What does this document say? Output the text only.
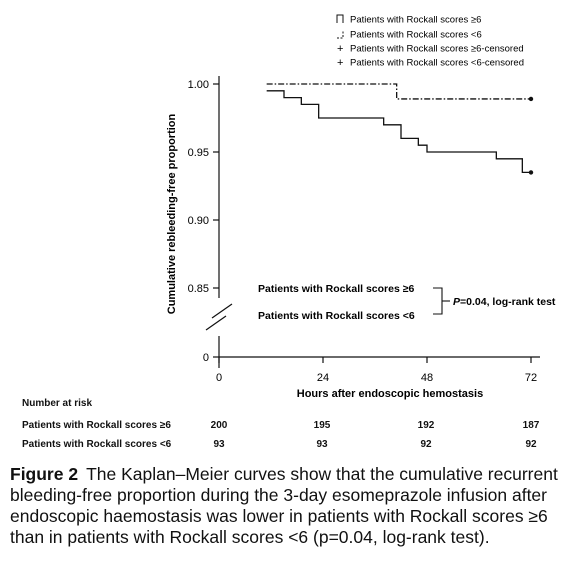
0
0.85
0.90
0.95
1.00
0	24	48	72
Hours after endoscopic hemostasis
Cumulative rebleeding-free proportion
+
+
Patients with Rockall scores ≥6
Patients with Rockall scores <6
Patients with Rockall scores ≥6-censored
Patients with Rockall scores <6-censored
Patients with Rockall scores ≥6
Patients with Rockall scores <6
P=0.04, log-rank test
Number at risk
Patients with Rockall scores ≥6	200	195	192	187
Patients with Rockall scores <6	93	93	92	92
Figure 2 The Kaplan–Meier curves show that the cumulative recurrent bleeding-free proportion during the 3-day esomeprazole infusion after endoscopic haemostasis was lower in patients with Rockall scores ≥6 than in patients with Rockall scores <6 (p=0.04, log-rank test).
